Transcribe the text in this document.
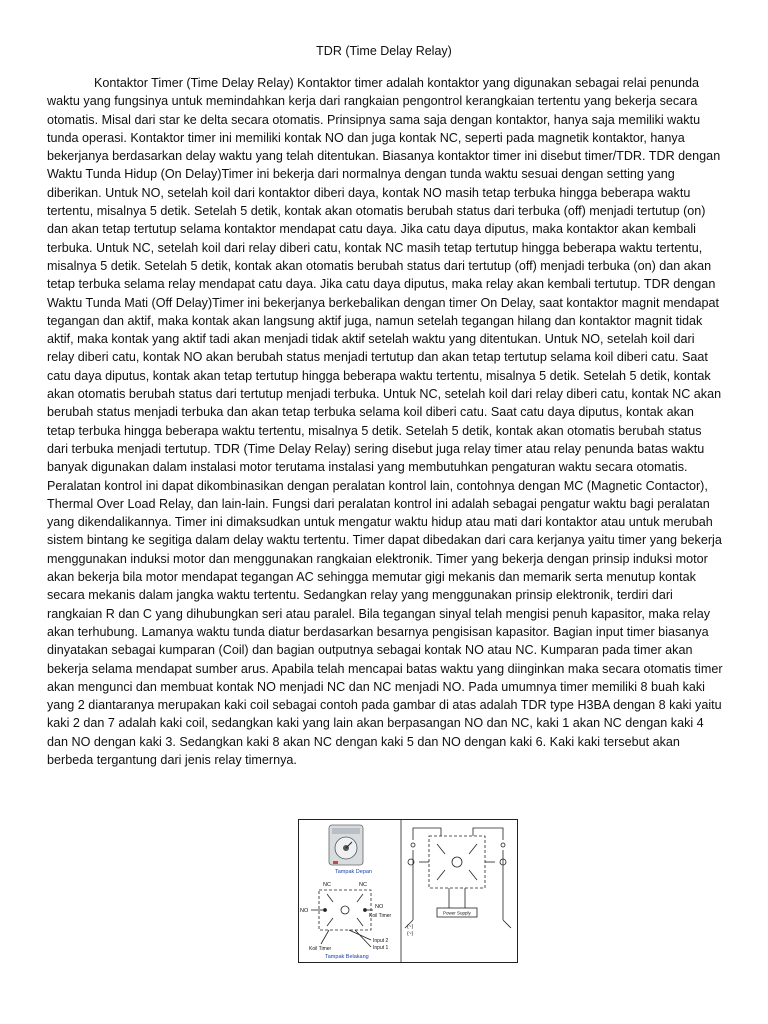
TDR (Time Delay Relay)

Kontaktor Timer (Time Delay Relay) Kontaktor timer adalah kontaktor yang digunakan sebagai relai penunda waktu yang fungsinya untuk memindahkan kerja dari rangkaian pengontrol kerangkaian tertentu yang bekerja secara otomatis. Misal dari star ke delta secara otomatis. Prinsipnya sama saja dengan kontaktor, hanya saja memiliki waktu tunda operasi. Kontaktor timer ini memiliki kontak NO dan juga kontak NC, seperti pada magnetik kontaktor, hanya bekerjanya berdasarkan delay waktu yang telah ditentukan. Biasanya kontaktor timer ini disebut timer/TDR. TDR dengan Waktu Tunda Hidup (On Delay)Timer ini bekerja dari normalnya dengan tunda waktu sesuai dengan setting yang diberikan. Untuk NO, setelah koil dari kontaktor diberi daya, kontak NO masih tetap terbuka hingga beberapa waktu tertentu, misalnya 5 detik. Setelah 5 detik, kontak akan otomatis berubah status dari terbuka (off) menjadi tertutup (on) dan akan tetap tertutup selama kontaktor mendapat catu daya. Jika catu daya diputus, maka kontaktor akan kembali terbuka. Untuk NC, setelah koil dari relay diberi catu, kontak NC masih tetap tertutup hingga beberapa waktu tertentu, misalnya 5 detik. Setelah 5 detik, kontak akan otomatis berubah status dari tertutup (off) menjadi terbuka (on) dan akan tetap terbuka selama relay mendapat catu daya. Jika catu daya diputus, maka relay akan kembali tertutup. TDR dengan Waktu Tunda Mati (Off Delay)Timer ini bekerjanya berkebalikan dengan timer On Delay, saat kontaktor magnit mendapat tegangan dan aktif, maka kontak akan langsung aktif juga, namun setelah tegangan hilang dan kontaktor magnit tidak aktif, maka kontak yang aktif tadi akan menjadi tidak aktif setelah waktu yang ditentukan. Untuk NO, setelah koil dari relay diberi catu, kontak NO akan berubah status menjadi tertutup dan akan tetap tertutup selama koil diberi catu. Saat catu daya diputus, kontak akan tetap tertutup hingga beberapa waktu tertentu, misalnya 5 detik. Setelah 5 detik, kontak akan otomatis berubah status dari tertutup menjadi terbuka. Untuk NC, setelah koil dari relay diberi catu, kontak NC akan berubah status menjadi terbuka dan akan tetap terbuka selama koil diberi catu. Saat catu daya diputus, kontak akan tetap terbuka hingga beberapa waktu tertentu, misalnya 5 detik. Setelah 5 detik, kontak akan otomatis berubah status dari terbuka menjadi tertutup. TDR (Time Delay Relay) sering disebut juga relay timer atau relay penunda batas waktu banyak digunakan dalam instalasi motor terutama instalasi yang membutuhkan pengaturan waktu secara otomatis. Peralatan kontrol ini dapat dikombinasikan dengan peralatan kontrol lain, contohnya dengan MC (Magnetic Contactor), Thermal Over Load Relay, dan lain-lain. Fungsi dari peralatan kontrol ini adalah sebagai pengatur waktu bagi peralatan yang dikendalikannya. Timer ini dimaksudkan untuk mengatur waktu hidup atau mati dari kontaktor atau untuk merubah sistem bintang ke segitiga dalam delay waktu tertentu. Timer dapat dibedakan dari cara kerjanya yaitu timer yang bekerja menggunakan induksi motor dan menggunakan rangkaian elektronik. Timer yang bekerja dengan prinsip induksi motor akan bekerja bila motor mendapat tegangan AC sehingga memutar gigi mekanis dan memarik serta menutup kontak secara mekanis dalam jangka waktu tertentu. Sedangkan relay yang menggunakan prinsip elektronik, terdiri dari rangkaian R dan C yang dihubungkan seri atau paralel. Bila tegangan sinyal telah mengisi penuh kapasitor, maka relay akan terhubung. Lamanya waktu tunda diatur berdasarkan besarnya pengisisan kapasitor. Bagian input timer biasanya dinyatakan sebagai kumparan (Coil) dan bagian outputnya sebagai kontak NO atau NC. Kumparan pada timer akan bekerja selama mendapat sumber arus. Apabila telah mencapai batas waktu yang diinginkan maka secara otomatis timer akan mengunci dan membuat kontak NO menjadi NC dan NC menjadi NO. Pada umumnya timer memiliki 8 buah kaki yang 2 diantaranya merupakan kaki coil sebagai contoh pada gambar di atas adalah TDR type H3BA dengan 8 kaki yaitu kaki 2 dan 7 adalah kaki coil, sedangkan kaki yang lain akan berpasangan NO dan NC, kaki 1 akan NC dengan kaki 4 dan NO dengan kaki 3. Sedangkan kaki 8 akan NC dengan kaki 5 dan NO dengan kaki 6. Kaki kaki tersebut akan berbeda tergantung dari jenis relay timernya.

Tampak Depan
NC	NC
NO
NO
Koil Timer
Koil Timer
Input 2
Input 1
Tampak Belakang
Power Supply
(~)
(~)
